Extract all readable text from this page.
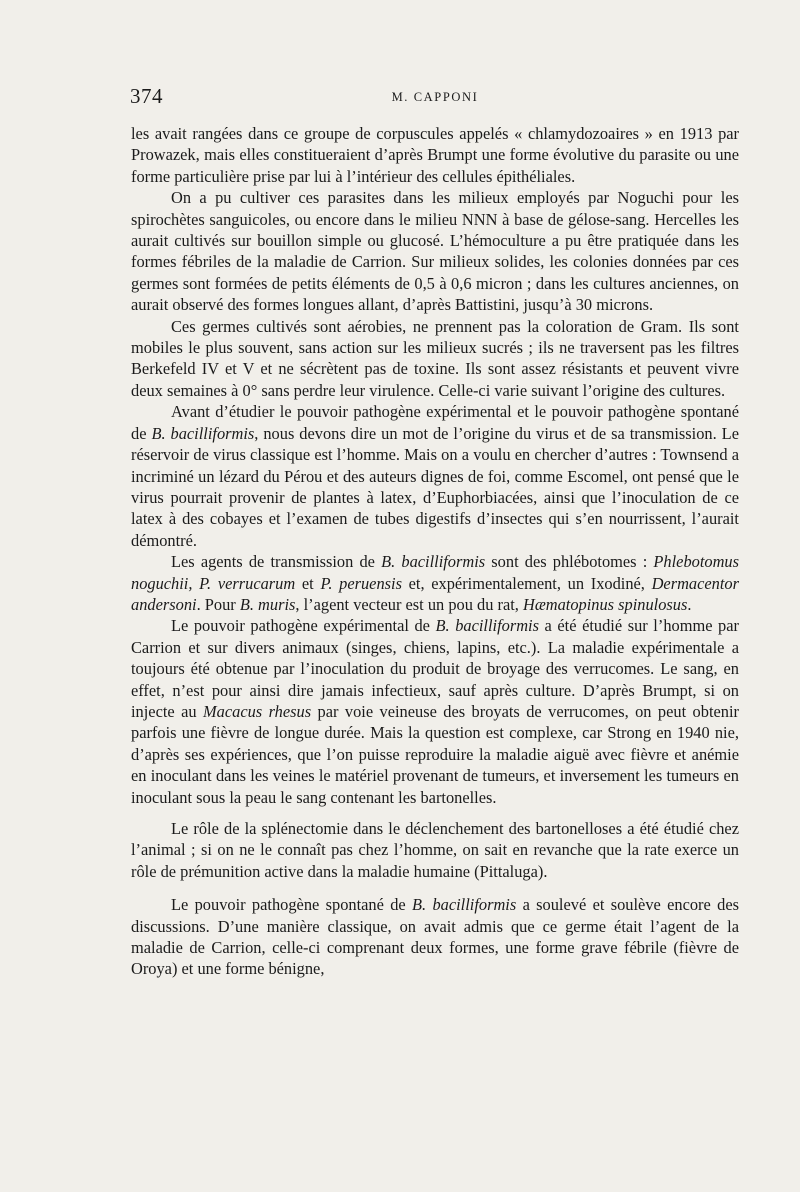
374	M. CAPPONI

les avait rangées dans ce groupe de corpuscules appelés « chlamydozoaires » en 1913 par Prowazek, mais elles constitueraient d’après Brumpt une forme évolutive du parasite ou une forme particulière prise par lui à l’intérieur des cellules épithéliales.

On a pu cultiver ces parasites dans les milieux employés par Noguchi pour les spirochètes sanguicoles, ou encore dans le milieu NNN à base de gélose-sang. Hercelles les aurait cultivés sur bouillon simple ou glucosé. L’hémoculture a pu être pratiquée dans les formes fébriles de la maladie de Carrion. Sur milieux solides, les colonies données par ces germes sont formées de petits éléments de 0,5 à 0,6 micron ; dans les cultures anciennes, on aurait observé des formes longues allant, d’après Battistini, jusqu’à 30 microns.

Ces germes cultivés sont aérobies, ne prennent pas la coloration de Gram. Ils sont mobiles le plus souvent, sans action sur les milieux sucrés ; ils ne traversent pas les filtres Berkefeld IV et V et ne sécrètent pas de toxine. Ils sont assez résistants et peuvent vivre deux semaines à 0° sans perdre leur virulence. Celle-ci varie suivant l’origine des cultures.

Avant d’étudier le pouvoir pathogène expérimental et le pouvoir pathogène spontané de B. bacilliformis, nous devons dire un mot de l’origine du virus et de sa transmission. Le réservoir de virus classique est l’homme. Mais on a voulu en chercher d’autres : Townsend a incriminé un lézard du Pérou et des auteurs dignes de foi, comme Escomel, ont pensé que le virus pourrait provenir de plantes à latex, d’Euphorbiacées, ainsi que l’inoculation de ce latex à des cobayes et l’examen de tubes digestifs d’insectes qui s’en nourrissent, l’aurait démontré.

Les agents de transmission de B. bacilliformis sont des phlébotomes : Phlebotomus noguchii, P. verrucarum et P. peruensis et, expérimentalement, un Ixodiné, Dermacentor andersoni. Pour B. muris, l’agent vecteur est un pou du rat, Hæmatopinus spinulosus.

Le pouvoir pathogène expérimental de B. bacilliformis a été étudié sur l’homme par Carrion et sur divers animaux (singes, chiens, lapins, etc.). La maladie expérimentale a toujours été obtenue par l’inoculation du produit de broyage des verrucomes. Le sang, en effet, n’est pour ainsi dire jamais infectieux, sauf après culture. D’après Brumpt, si on injecte au Macacus rhesus par voie veineuse des broyats de verrucomes, on peut obtenir parfois une fièvre de longue durée. Mais la question est complexe, car Strong en 1940 nie, d’après ses expériences, que l’on puisse reproduire la maladie aiguë avec fièvre et anémie en inoculant dans les veines le matériel provenant de tumeurs, et inversement les tumeurs en inoculant sous la peau le sang contenant les bartonelles.

Le rôle de la splénectomie dans le déclenchement des bartonelloses a été étudié chez l’animal ; si on ne le connaît pas chez l’homme, on sait en revanche que la rate exerce un rôle de prémunition active dans la maladie humaine (Pittaluga).

Le pouvoir pathogène spontané de B. bacilliformis a soulevé et soulève encore des discussions. D’une manière classique, on avait admis que ce germe était l’agent de la maladie de Carrion, celle-ci comprenant deux formes, une forme grave fébrile (fièvre de Oroya) et une forme bénigne,
